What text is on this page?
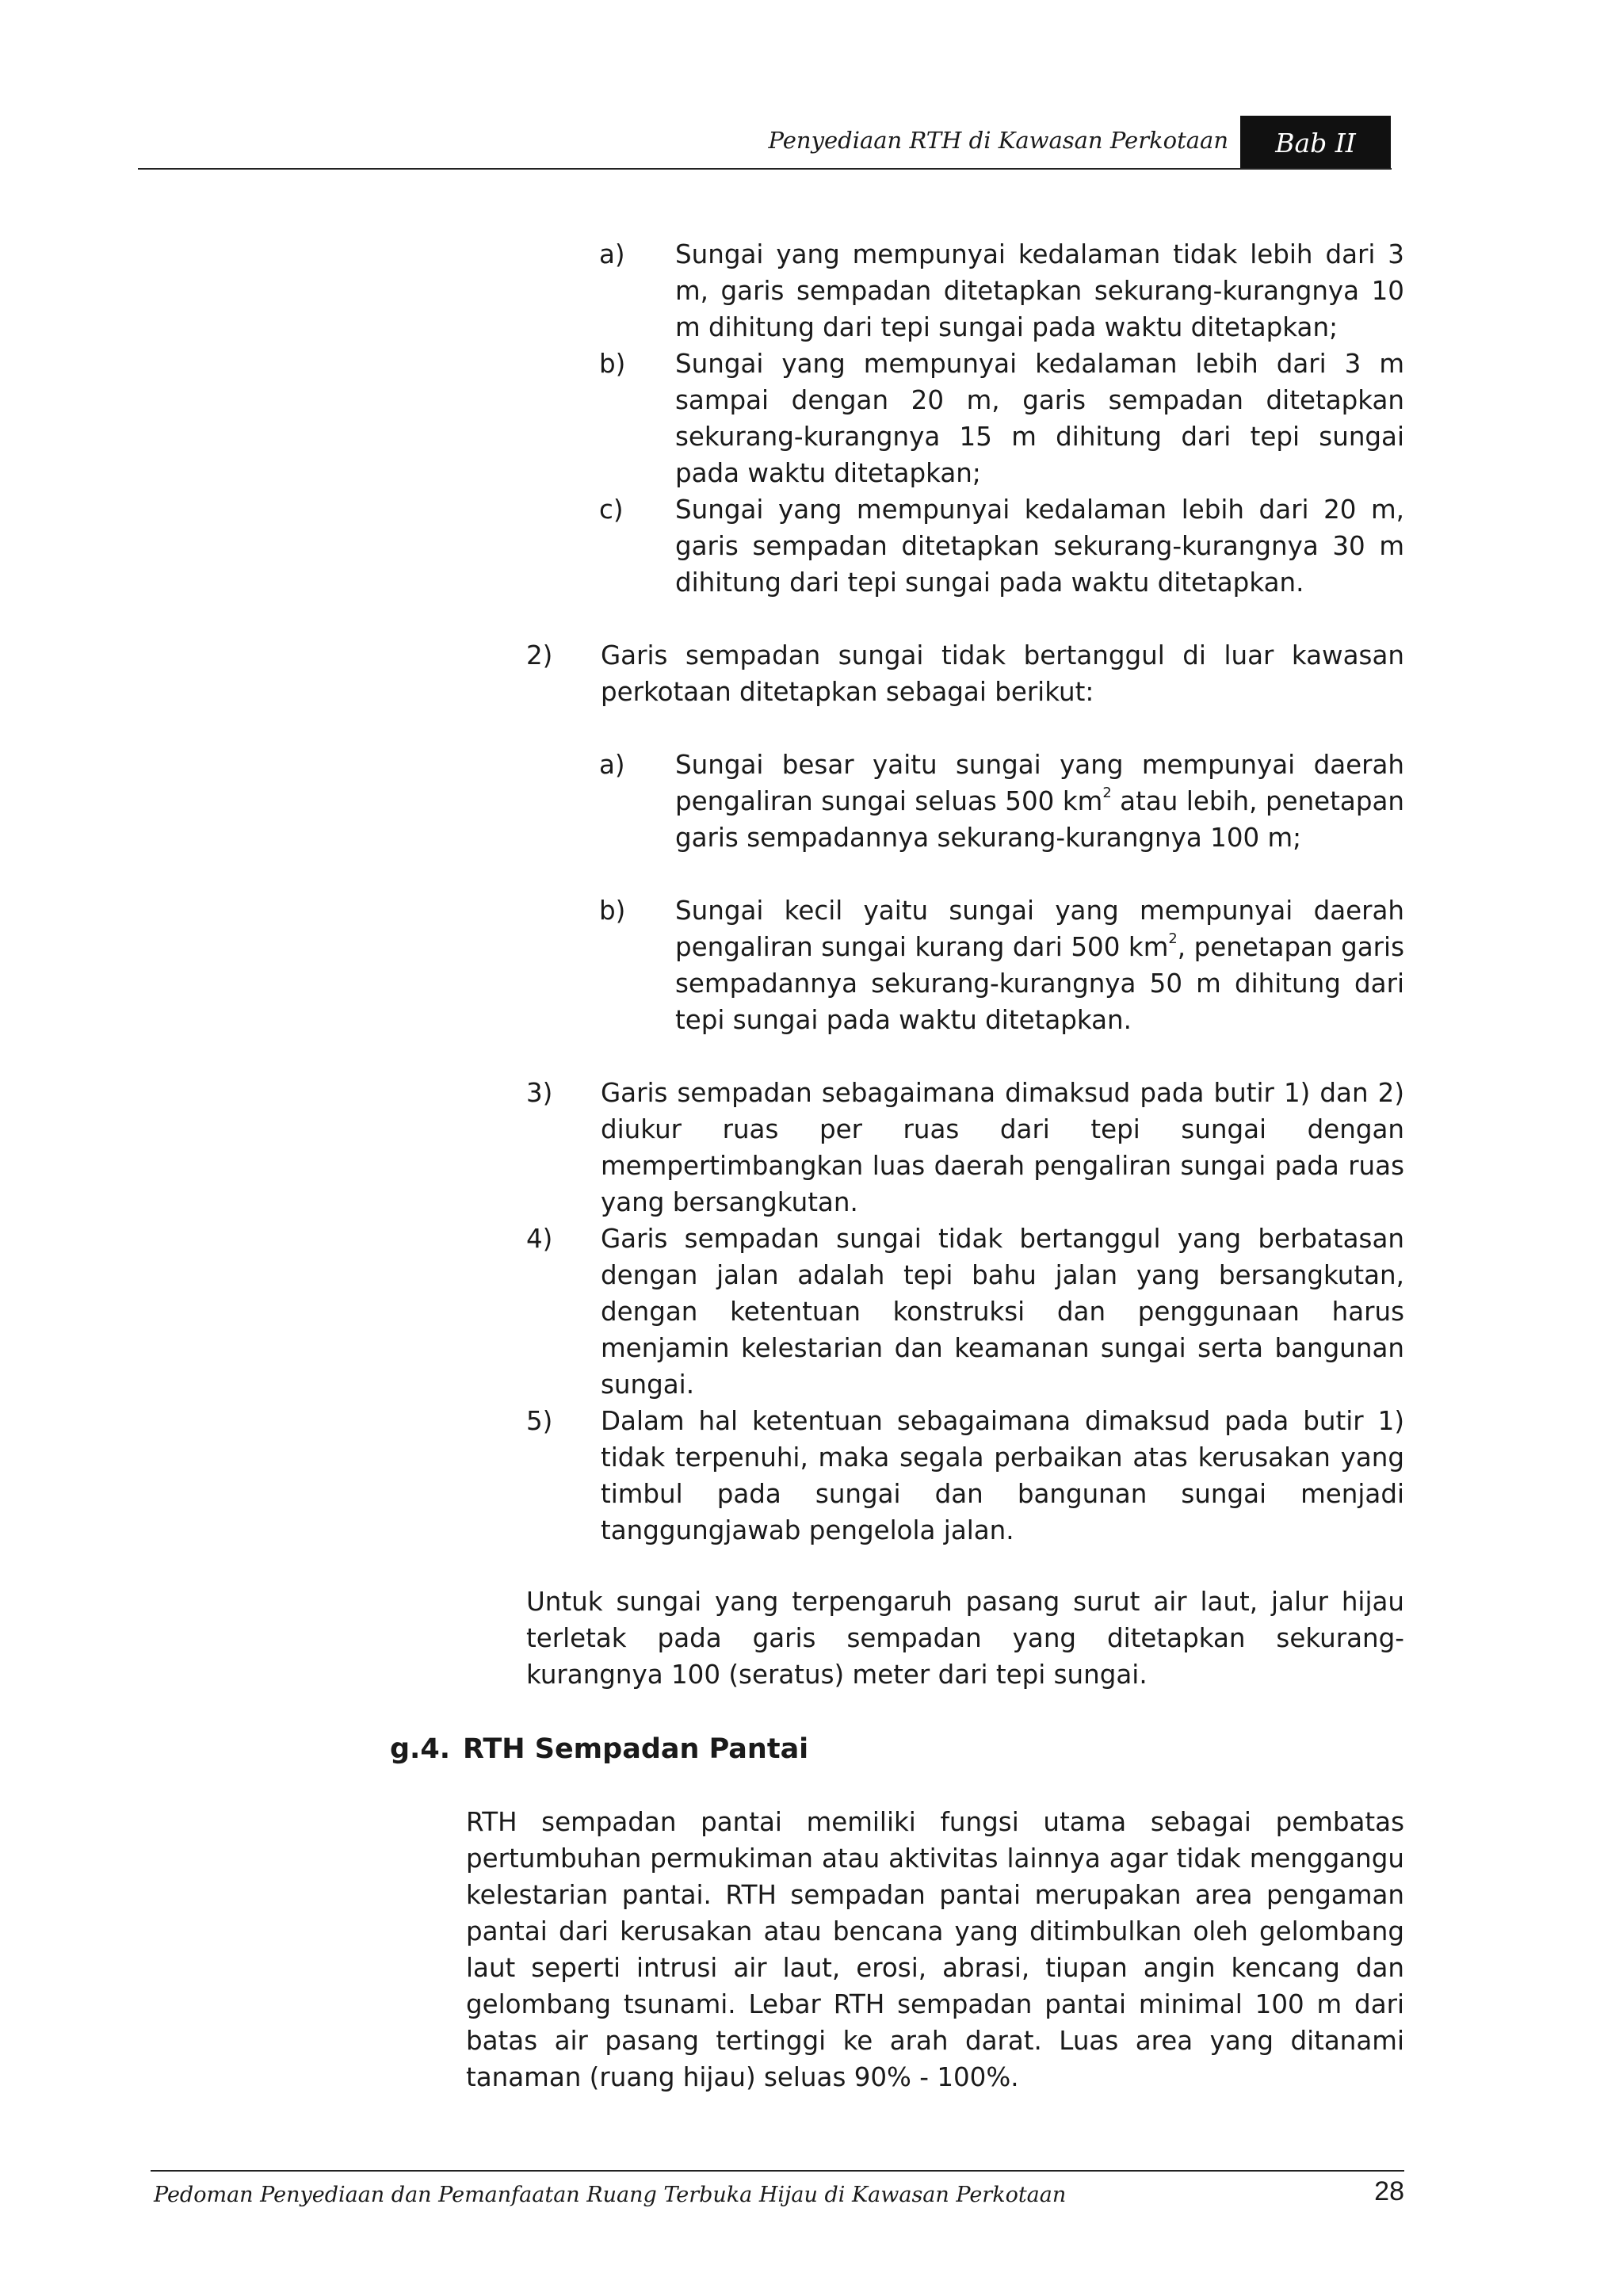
Penyediaan RTH di Kawasan Perkotaan	Bab II
a) Sungai yang mempunyai kedalaman tidak lebih dari 3 m, garis sempadan ditetapkan sekurang-kurangnya 10 m dihitung dari tepi sungai pada waktu ditetapkan;
b) Sungai yang mempunyai kedalaman lebih dari 3 m sampai dengan 20 m, garis sempadan ditetapkan sekurang-kurangnya 15 m dihitung dari tepi sungai pada waktu ditetapkan;
c) Sungai yang mempunyai kedalaman lebih dari 20 m, garis sempadan ditetapkan sekurang-kurangnya 30 m dihitung dari tepi sungai pada waktu ditetapkan.
2) Garis sempadan sungai tidak bertanggul di luar kawasan perkotaan ditetapkan sebagai berikut:
a) Sungai besar yaitu sungai yang mempunyai daerah pengaliran sungai seluas 500 $km^2$ atau lebih, penetapan garis sempadannya sekurang-kurangnya 100 m;
b) Sungai kecil yaitu sungai yang mempunyai daerah pengaliran sungai kurang dari 500 $km^2$, penetapan garis sempadannya sekurang-kurangnya 50 m dihitung dari tepi sungai pada waktu ditetapkan.
3) Garis sempadan sebagaimana dimaksud pada butir 1) dan 2) diukur ruas per ruas dari tepi sungai dengan mempertimbangkan luas daerah pengaliran sungai pada ruas yang bersangkutan.
4) Garis sempadan sungai tidak bertanggul yang berbatasan dengan jalan adalah tepi bahu jalan yang bersangkutan, dengan ketentuan konstruksi dan penggunaan harus menjamin kelestarian dan keamanan sungai serta bangunan sungai.
5) Dalam hal ketentuan sebagaimana dimaksud pada butir 1) tidak terpenuhi, maka segala perbaikan atas kerusakan yang timbul pada sungai dan bangunan sungai menjadi tanggungjawab pengelola jalan.
Untuk sungai yang terpengaruh pasang surut air laut, jalur hijau terletak pada garis sempadan yang ditetapkan sekurang-kurangnya 100 (seratus) meter dari tepi sungai.
g.4. RTH Sempadan Pantai
RTH sempadan pantai memiliki fungsi utama sebagai pembatas pertumbuhan permukiman atau aktivitas lainnya agar tidak menggangu kelestarian pantai. RTH sempadan pantai merupakan area pengaman pantai dari kerusakan atau bencana yang ditimbulkan oleh gelombang laut seperti intrusi air laut, erosi, abrasi, tiupan angin kencang dan gelombang tsunami. Lebar RTH sempadan pantai minimal 100 m dari batas air pasang tertinggi ke arah darat. Luas area yang ditanami tanaman (ruang hijau) seluas 90% - 100%.
Pedoman Penyediaan dan Pemanfaatan Ruang Terbuka Hijau di Kawasan Perkotaan	28
